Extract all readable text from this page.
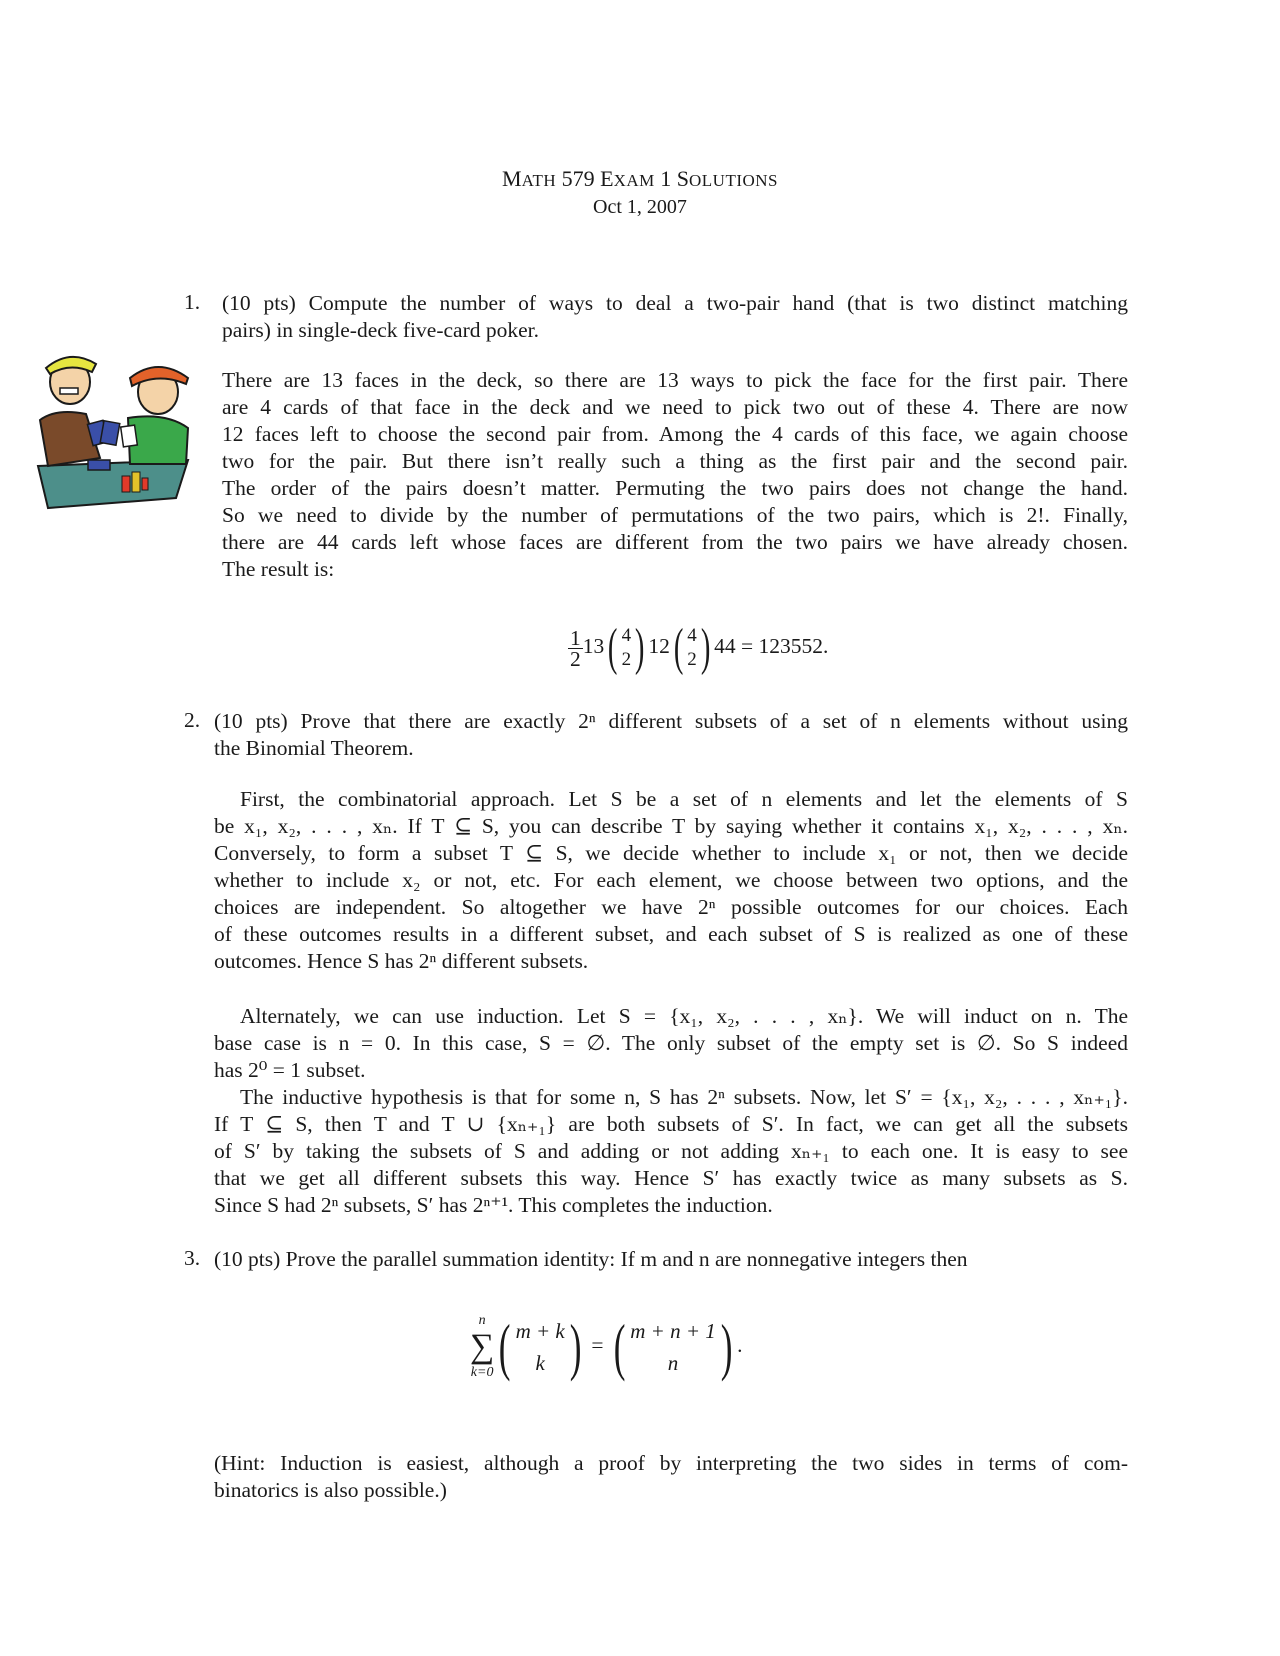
MATH 579 EXAM 1 SOLUTIONS
Oct 1, 2007
1. (10 pts) Compute the number of ways to deal a two-pair hand (that is two distinct matching
pairs) in single-deck five-card poker.
There are 13 faces in the deck, so there are 13 ways to pick the face for the first pair. There
are 4 cards of that face in the deck and we need to pick two out of these 4. There are now
12 faces left to choose the second pair from. Among the 4 cards of this face, we again choose
two for the pair. But there isn’t really such a thing as the first pair and the second pair.
The order of the pairs doesn’t matter. Permuting the two pairs does not change the hand.
So we need to divide by the number of permutations of the two pairs, which is 2!. Finally,
there are 44 cards left whose faces are different from the two pairs we have already chosen.
The result is:
$\frac{1}{2} 13$ ( 4
2 ) 12 ( 4
2 ) 44 = 123552.
2. (10 pts) Prove that there are exactly 2ⁿ different subsets of a set of n elements without using
the Binomial Theorem.
First, the combinatorial approach. Let S be a set of n elements and let the elements of S
be x₁, x₂, . . . , xₙ. If T ⊆ S, you can describe T by saying whether it contains x₁, x₂, . . . , xₙ.
Conversely, to form a subset T ⊆ S, we decide whether to include x₁ or not, then we decide
whether to include x₂ or not, etc. For each element, we choose between two options, and the
choices are independent. So altogether we have 2ⁿ possible outcomes for our choices. Each
of these outcomes results in a different subset, and each subset of S is realized as one of these
outcomes. Hence S has 2ⁿ different subsets.
Alternately, we can use induction. Let S = {x₁, x₂, . . . , xₙ}. We will induct on n. The
base case is n = 0. In this case, S = ∅. The only subset of the empty set is ∅. So S indeed
has 2⁰ = 1 subset.
The inductive hypothesis is that for some n, S has 2ⁿ subsets. Now, let S′ = {x₁, x₂, . . . , xₙ₊₁}.
If T ⊆ S, then T and T ∪ {xₙ₊₁} are both subsets of S′. In fact, we can get all the subsets
of S′ by taking the subsets of S and adding or not adding xₙ₊₁ to each one. It is easy to see
that we get all different subsets this way. Hence S′ has exactly twice as many subsets as S.
Since S had 2ⁿ subsets, S′ has 2ⁿ⁺¹. This completes the induction.
3. (10 pts) Prove the parallel summation identity: If m and n are nonnegative integers then
n
∑
k=0 ( m + k
k ) = ( m + n + 1
n ) .
(Hint: Induction is easiest, although a proof by interpreting the two sides in terms of com-
binatorics is also possible.)
